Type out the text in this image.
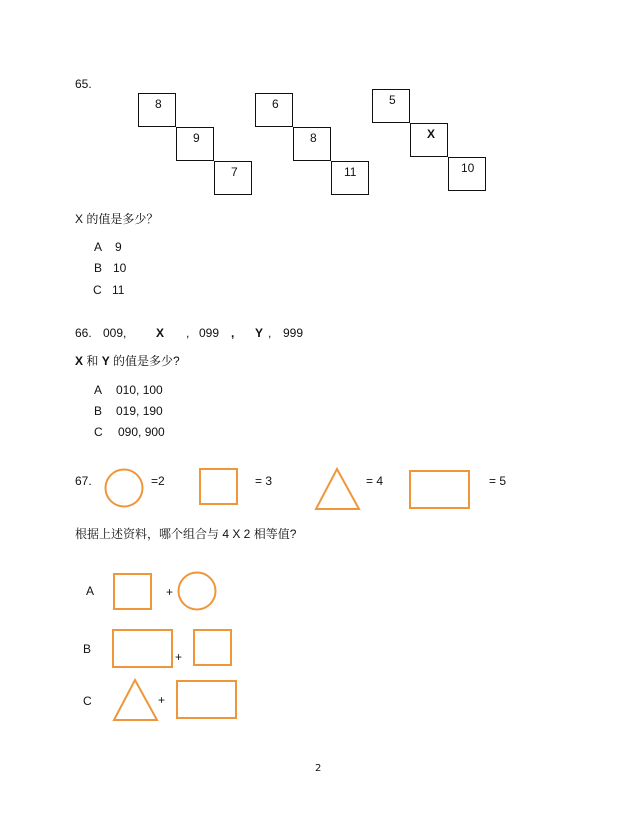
65.
8
9
7
6
8
11
5
X
10
X 的值是多少？
A 9
B 10
C 11
66. 009, X , 099 , Y , 999
X 和 Y 的值是多少?
A 010, 100
B 019, 190
C 090, 900
67.	=2	= 3	= 4	= 5
根据上述资料，哪个组合与 4 X 2 相等值?
A	+
B
+
C	+
2
